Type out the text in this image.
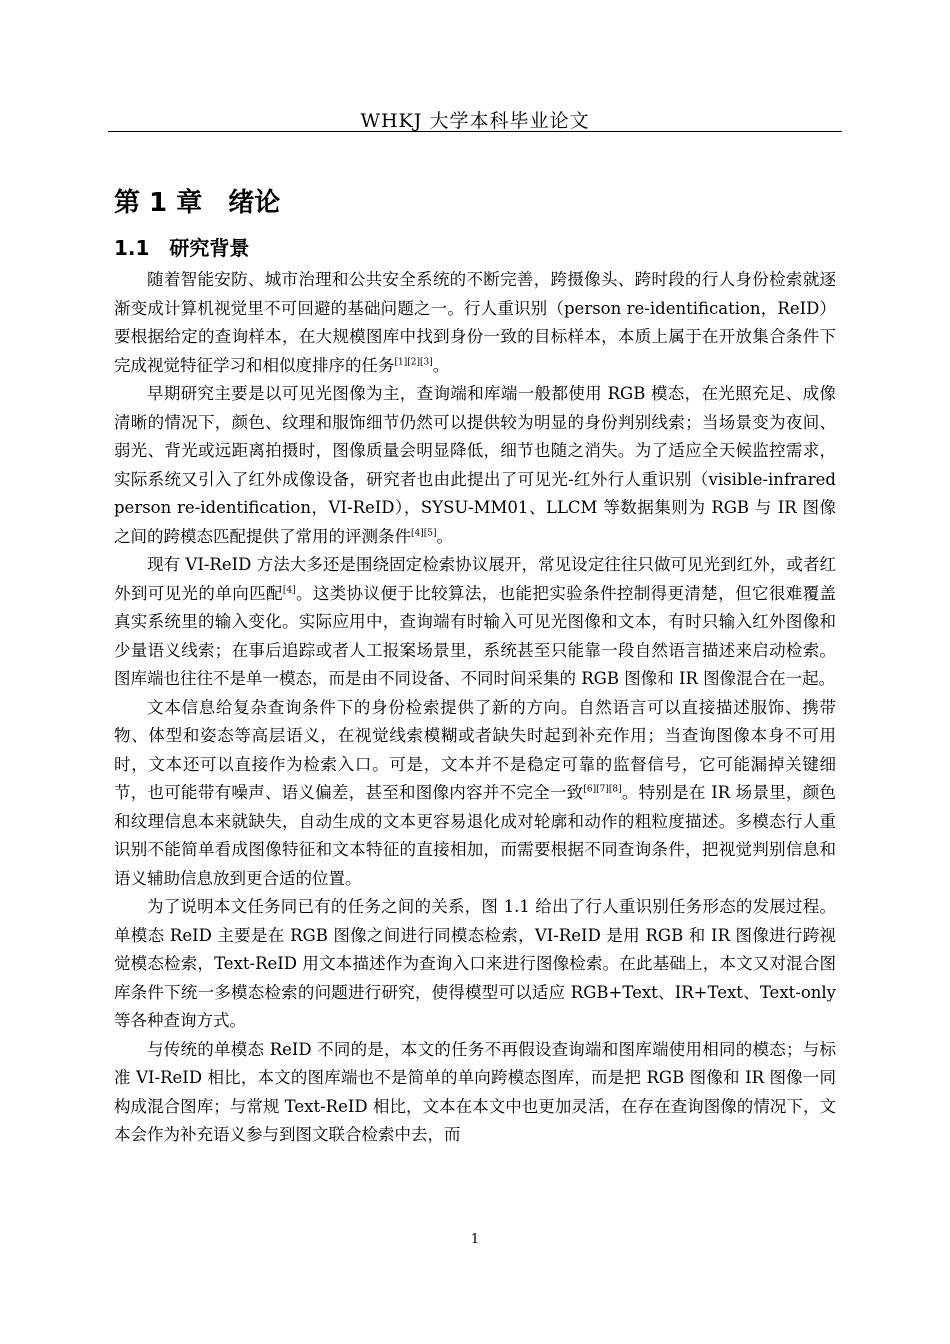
WHKJ 大学本科毕业论文
第 1 章　绪论
1.1　研究背景

随着智能安防、城市治理和公共安全系统的不断完善，跨摄像头、跨时段的行人身份检索就逐渐变成计算机视觉里不可回避的基础问题之一。行人重识别（person re-identification，ReID）要根据给定的查询样本，在大规模图库中找到身份一致的目标样本，本质上属于在开放集合条件下完成视觉特征学习和相似度排序的任务[1][2][3]。

早期研究主要是以可见光图像为主，查询端和库端一般都使用 RGB 模态，在光照充足、成像清晰的情况下，颜色、纹理和服饰细节仍然可以提供较为明显的身份判别线索；当场景变为夜间、弱光、背光或远距离拍摄时，图像质量会明显降低，细节也随之消失。为了适应全天候监控需求，实际系统又引入了红外成像设备，研究者也由此提出了可见光-红外行人重识别（visible-infrared person re-identification，VI-ReID），SYSU-MM01、LLCM 等数据集则为 RGB 与 IR 图像之间的跨模态匹配提供了常用的评测条件[4][5]。

现有 VI-ReID 方法大多还是围绕固定检索协议展开，常见设定往往只做可见光到红外，或者红外到可见光的单向匹配[4]。这类协议便于比较算法，也能把实验条件控制得更清楚，但它很难覆盖真实系统里的输入变化。实际应用中，查询端有时输入可见光图像和文本，有时只输入红外图像和少量语义线索；在事后追踪或者人工报案场景里，系统甚至只能靠一段自然语言描述来启动检索。图库端也往往不是单一模态，而是由不同设备、不同时间采集的 RGB 图像和 IR 图像混合在一起。

文本信息给复杂查询条件下的身份检索提供了新的方向。自然语言可以直接描述服饰、携带物、体型和姿态等高层语义，在视觉线索模糊或者缺失时起到补充作用；当查询图像本身不可用时，文本还可以直接作为检索入口。可是，文本并不是稳定可靠的监督信号，它可能漏掉关键细节，也可能带有噪声、语义偏差，甚至和图像内容并不完全一致[6][7][8]。特别是在 IR 场景里，颜色和纹理信息本来就缺失，自动生成的文本更容易退化成对轮廓和动作的粗粒度描述。多模态行人重识别不能简单看成图像特征和文本特征的直接相加，而需要根据不同查询条件，把视觉判别信息和语义辅助信息放到更合适的位置。

为了说明本文任务同已有的任务之间的关系，图 1.1 给出了行人重识别任务形态的发展过程。单模态 ReID 主要是在 RGB 图像之间进行同模态检索，VI-ReID 是用 RGB 和 IR 图像进行跨视觉模态检索，Text-ReID 用文本描述作为查询入口来进行图像检索。在此基础上，本文又对混合图库条件下统一多模态检索的问题进行研究，使得模型可以适应 RGB+Text、IR+Text、Text-only 等各种查询方式。

与传统的单模态 ReID 不同的是，本文的任务不再假设查询端和图库端使用相同的模态；与标准 VI-ReID 相比，本文的图库端也不是简单的单向跨模态图库，而是把 RGB 图像和 IR 图像一同构成混合图库；与常规 Text-ReID 相比，文本在本文中也更加灵活，在存在查询图像的情况下，文本会作为补充语义参与到图文联合检索中去，而

1
